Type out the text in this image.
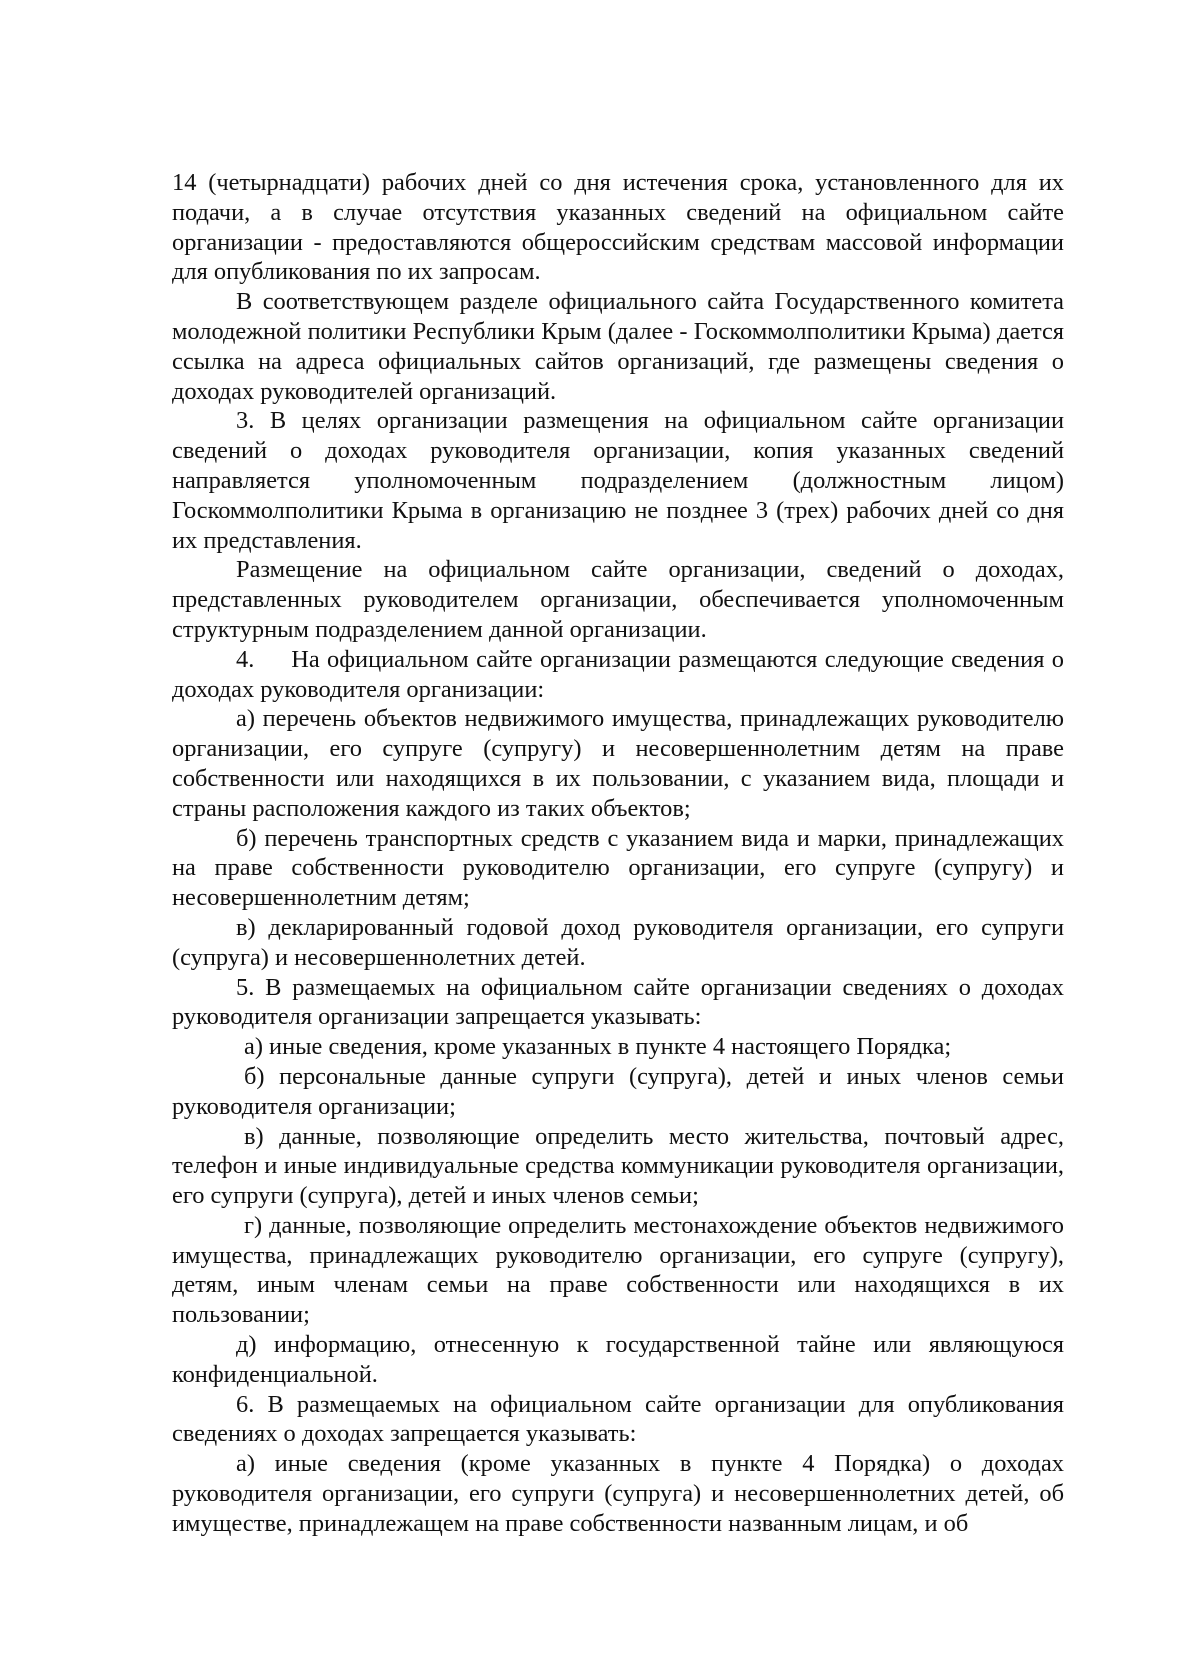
14 (четырнадцати) рабочих дней со дня истечения срока, установленного для их подачи, а в случае отсутствия указанных сведений на официальном сайте организации - предоставляются общероссийским средствам массовой информации для опубликования по их запросам.

В соответствующем разделе официального сайта Государственного комитета молодежной политики Республики Крым (далее - Госкоммолполитики Крыма) дается ссылка на адреса официальных сайтов организаций, где размещены сведения о доходах руководителей организаций.

3. В целях организации размещения на официальном сайте организации сведений о доходах руководителя организации, копия указанных сведений направляется уполномоченным подразделением (должностным лицом) Госкоммолполитики Крыма в организацию не позднее 3 (трех) рабочих дней со дня их представления.

Размещение на официальном сайте организации, сведений о доходах, представленных руководителем организации, обеспечивается уполномоченным структурным подразделением данной организации.

4.     На официальном сайте организации размещаются следующие сведения о доходах руководителя организации:

а) перечень объектов недвижимого имущества, принадлежащих руководителю организации, его супруге (супругу) и несовершеннолетним детям на праве собственности или находящихся в их пользовании, с указанием вида, площади и страны расположения каждого из таких объектов;

б) перечень транспортных средств с указанием вида и марки, принадлежащих на праве собственности руководителю организации, его супруге (супругу) и несовершеннолетним детям;

в) декларированный годовой доход руководителя организации, его супруги (супруга) и несовершеннолетних детей.

5. В размещаемых на официальном сайте организации сведениях о доходах руководителя организации запрещается указывать:

а) иные сведения, кроме указанных в пункте 4 настоящего Порядка;

б) персональные данные супруги (супруга), детей и иных членов семьи руководителя организации;

в) данные, позволяющие определить место жительства, почтовый адрес, телефон и иные индивидуальные средства коммуникации руководителя организации, его супруги (супруга), детей и иных членов семьи;

г) данные, позволяющие определить местонахождение объектов недвижимого имущества, принадлежащих руководителю организации, его супруге (супругу), детям, иным членам семьи на праве собственности или находящихся в их пользовании;

д) информацию, отнесенную к государственной тайне или являющуюся конфиденциальной.

6. В размещаемых на официальном сайте организации для опубликования сведениях о доходах запрещается указывать:

а) иные сведения (кроме указанных в пункте 4 Порядка) о доходах руководителя организации, его супруги (супруга) и несовершеннолетних детей, об имуществе, принадлежащем на праве собственности названным лицам, и об
